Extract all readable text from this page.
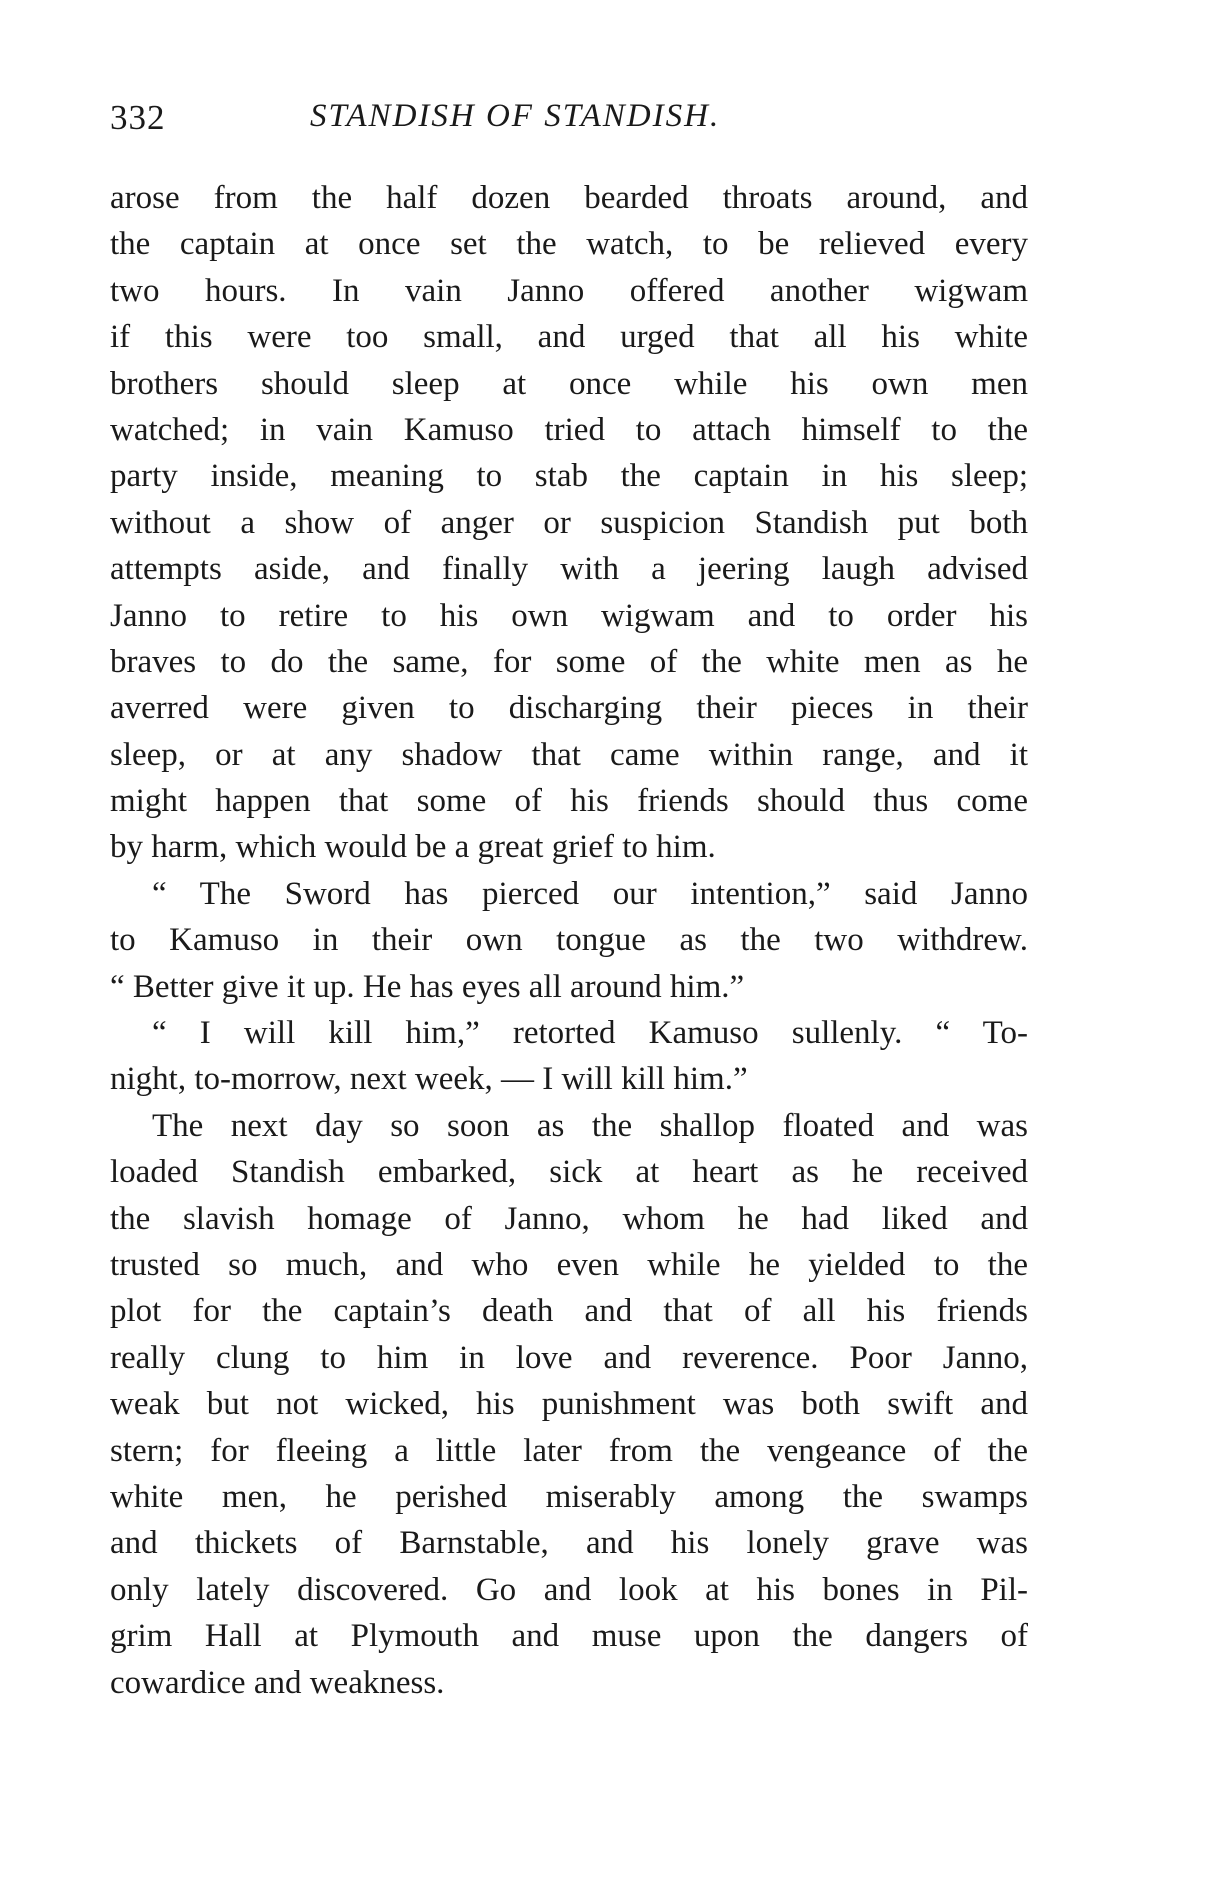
332	STANDISH OF STANDISH.
arose from the half dozen bearded throats around, and
the captain at once set the watch, to be relieved every
two hours. In vain Janno offered another wigwam
if this were too small, and urged that all his white
brothers should sleep at once while his own men
watched; in vain Kamuso tried to attach himself to the
party inside, meaning to stab the captain in his sleep;
without a show of anger or suspicion Standish put both
attempts aside, and finally with a jeering laugh advised
Janno to retire to his own wigwam and to order his
braves to do the same, for some of the white men as he
averred were given to discharging their pieces in their
sleep, or at any shadow that came within range, and it
might happen that some of his friends should thus come
by harm, which would be a great grief to him.
“ The Sword has pierced our intention,” said Janno
to Kamuso in their own tongue as the two withdrew.
“ Better give it up. He has eyes all around him.”
“ I will kill him,” retorted Kamuso sullenly. “ To-
night, to-morrow, next week, — I will kill him.”
The next day so soon as the shallop floated and was
loaded Standish embarked, sick at heart as he received
the slavish homage of Janno, whom he had liked and
trusted so much, and who even while he yielded to the
plot for the captain’s death and that of all his friends
really clung to him in love and reverence. Poor Janno,
weak but not wicked, his punishment was both swift and
stern; for fleeing a little later from the vengeance of the
white men, he perished miserably among the swamps
and thickets of Barnstable, and his lonely grave was
only lately discovered. Go and look at his bones in Pil-
grim Hall at Plymouth and muse upon the dangers of
cowardice and weakness.
